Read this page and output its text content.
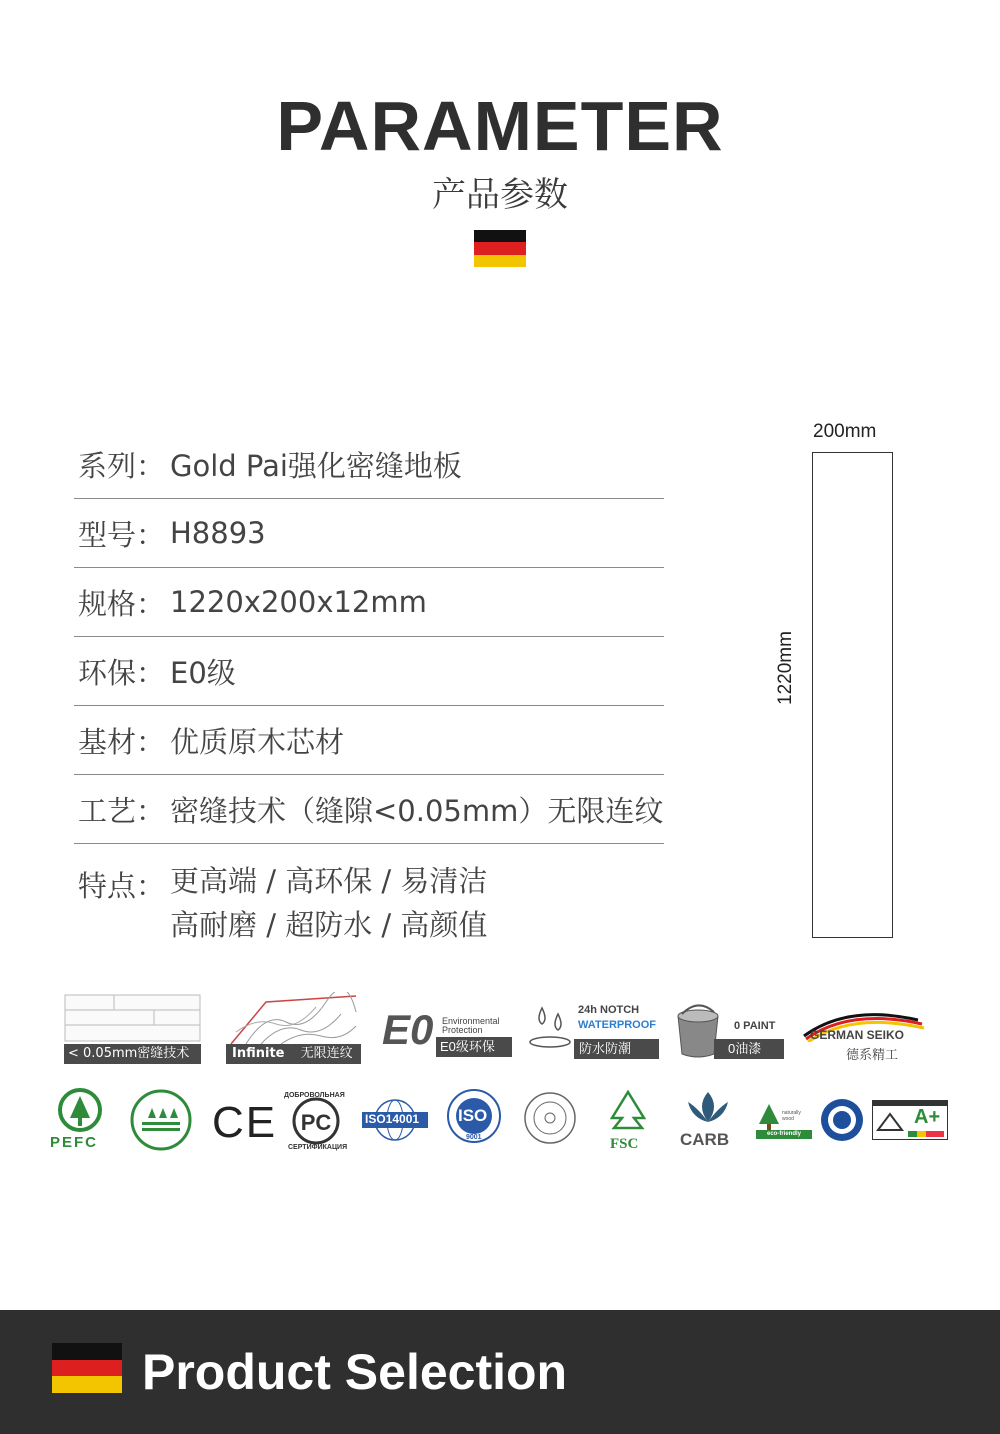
PARAMETER
产品参数
系列： Gold Pai强化密缝地板
型号： H8893
规格： 1220x200x12mm
环保： E0级
基材： 优质原木芯材
工艺： 密缝技术（缝隙<0.05mm）无限连纹
特点： 更高端 / 高环保 / 易清洁
高耐磨 / 超防水 / 高颜值
200mm
1220mm
< 0.05mm密缝技术	Infinite 无限连纹
E0 Environmental
Protection
E0级环保
24h NOTCH
WATERPROOF
防水防潮
0 PAINT
0油漆
GERMAN SEIKO
德系精工
PEFC	CE PC
ДОБРОВОЛЬНАЯ
СЕРТИФИКАЦИЯ
ISO14001 ISO
9001	FSC	CARB
naturally wood
eco-friendly
A+
Product Selection
